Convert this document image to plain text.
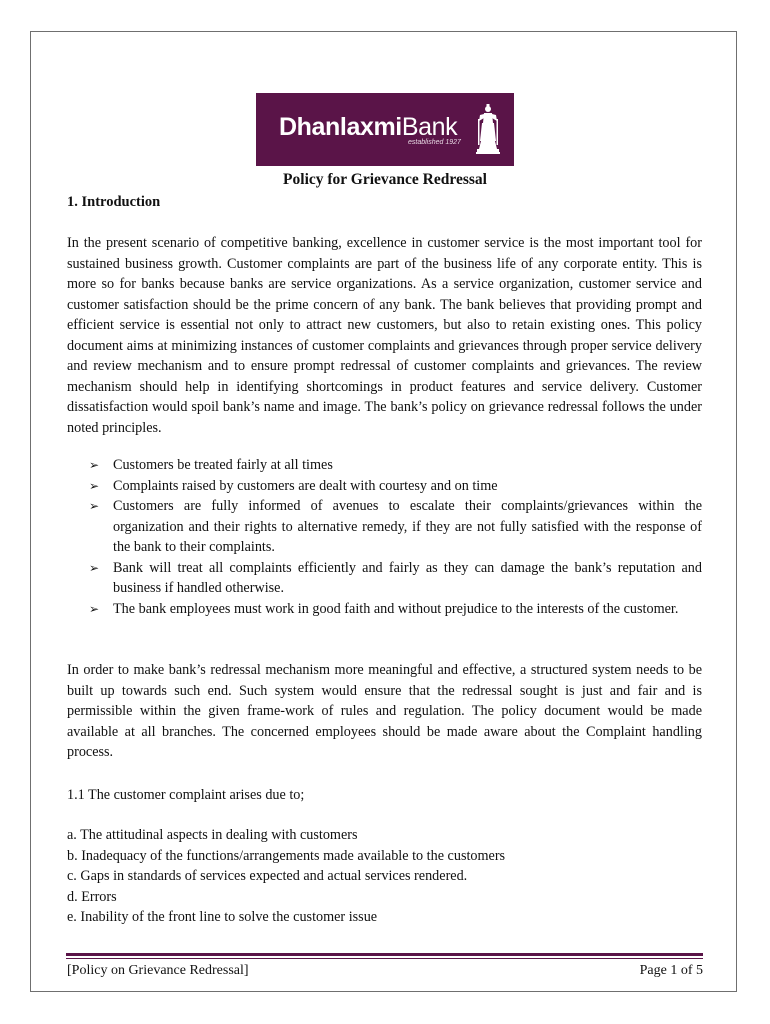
DhanlaxmiBank
established 1927
Policy for Grievance Redressal
1. Introduction

In the present scenario of competitive banking, excellence in customer service is the most important tool for sustained business growth. Customer complaints are part of the business life of any corporate entity. This is more so for banks because banks are service organizations. As a service organization, customer service and customer satisfaction should be the prime concern of any bank. The bank believes that providing prompt and efficient service is essential not only to attract new customers, but also to retain existing ones. This policy document aims at minimizing instances of customer complaints and grievances through proper service delivery and review mechanism and to ensure prompt redressal of customer complaints and grievances. The review mechanism should help in identifying shortcomings in product features and service delivery. Customer dissatisfaction would spoil bank’s name and image. The bank’s policy on grievance redressal follows the under noted principles.

➢ Customers be treated fairly at all times
➢ Complaints raised by customers are dealt with courtesy and on time
➢ Customers are fully informed of avenues to escalate their complaints/grievances within the organization and their rights to alternative remedy, if they are not fully satisfied with the response of the bank to their complaints.
➢ Bank will treat all complaints efficiently and fairly as they can damage the bank’s reputation and business if handled otherwise.
➢ The bank employees must work in good faith and without prejudice to the interests of the customer.

In order to make bank’s redressal mechanism more meaningful and effective, a structured system needs to be built up towards such end. Such system would ensure that the redressal sought is just and fair and is permissible within the given frame-work of rules and regulation. The policy document would be made available at all branches. The concerned employees should be made aware about the Complaint handling process.

1.1 The customer complaint arises due to;
a. The attitudinal aspects in dealing with customers
b. Inadequacy of the functions/arrangements made available to the customers
c. Gaps in standards of services expected and actual services rendered.
d. Errors
e. Inability of the front line to solve the customer issue
[Policy on Grievance Redressal]	Page 1 of 5
